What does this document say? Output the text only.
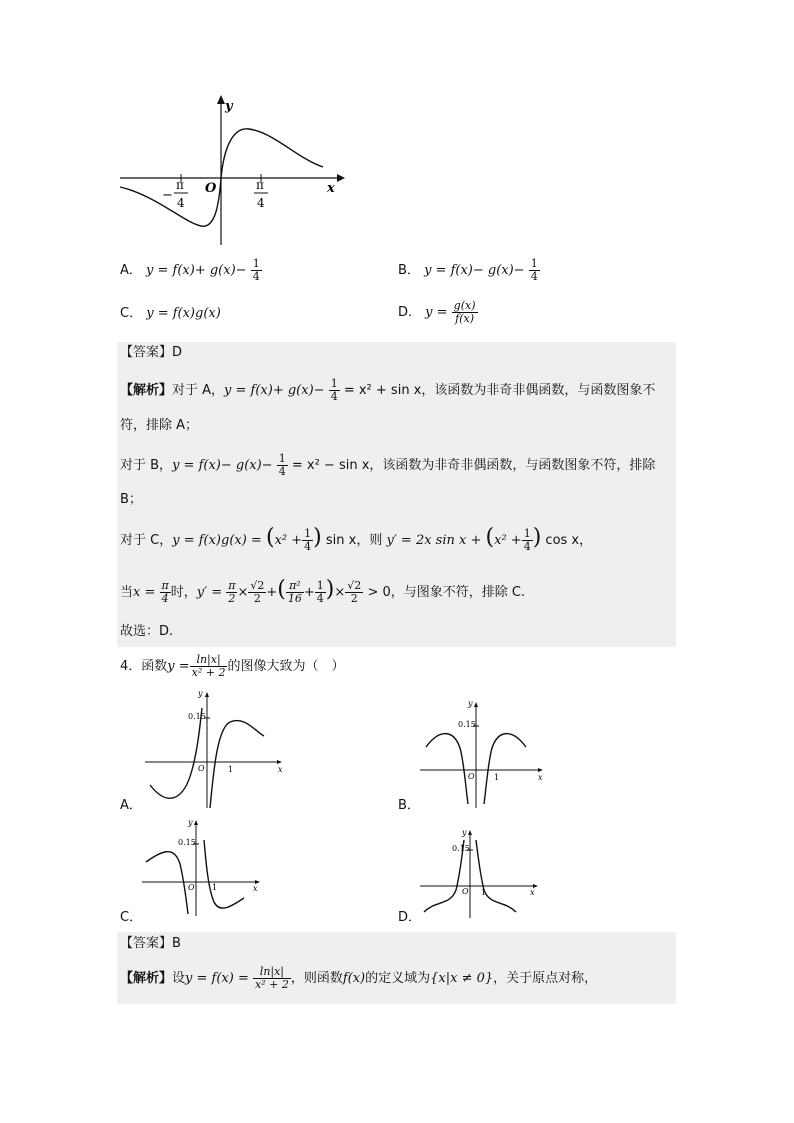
y
x
O
−
π
4
π
4
A． $y = f(x)+ g(x)- \frac{1}{4}$	B． $y = f(x)- g(x)- \frac{1}{4}$
C． y = f(x)g(x)	D． $y = \frac{g(x)}{f(x)}$
【答案】D
【解析】对于 A，$y = f(x)+ g(x)- \frac{1}{4} = x^2 + \sin x$，该函数为非奇非偶函数，与函数图象不
符，排除 A；
对于 B，$y = f(x)- g(x)- \frac{1}{4} = x^2 - \sin x$，该函数为非奇非偶函数，与函数图象不符，排除
B；
对于 C，$y = f(x)g(x) = (x^2 + \frac{1}{4}$ ) sin x，则 y′ = 2x $\sin x + (x^2 + \frac{1}{4}$ ) cos x，
当$x = \frac{\pi}{4}$ 时，$y' = \frac{\pi}{2} \times \frac{√2}{2}$ +( $\frac{\text{π²}}{16} + \frac{1}{4}$ )× $\frac{√2}{2} > 0$，与图象不符，排除 C.
故选：D.
4．函数$y = \frac{\ln|x|}{\text{x² + 2}}$ 的图像大致为（　）
y
x
O	1
0.15
A．
y
x
O 1
0.15
B．
y
x
O 1
0.15
C．
y
x
O 1
0.15
D．
【答案】B
【解析】设$y = f(x) = \frac{\ln|x|}{\text{x² + 2}}$ ，则函数f(x)的定义域为{x|x ≠ 0}，关于原点对称，
